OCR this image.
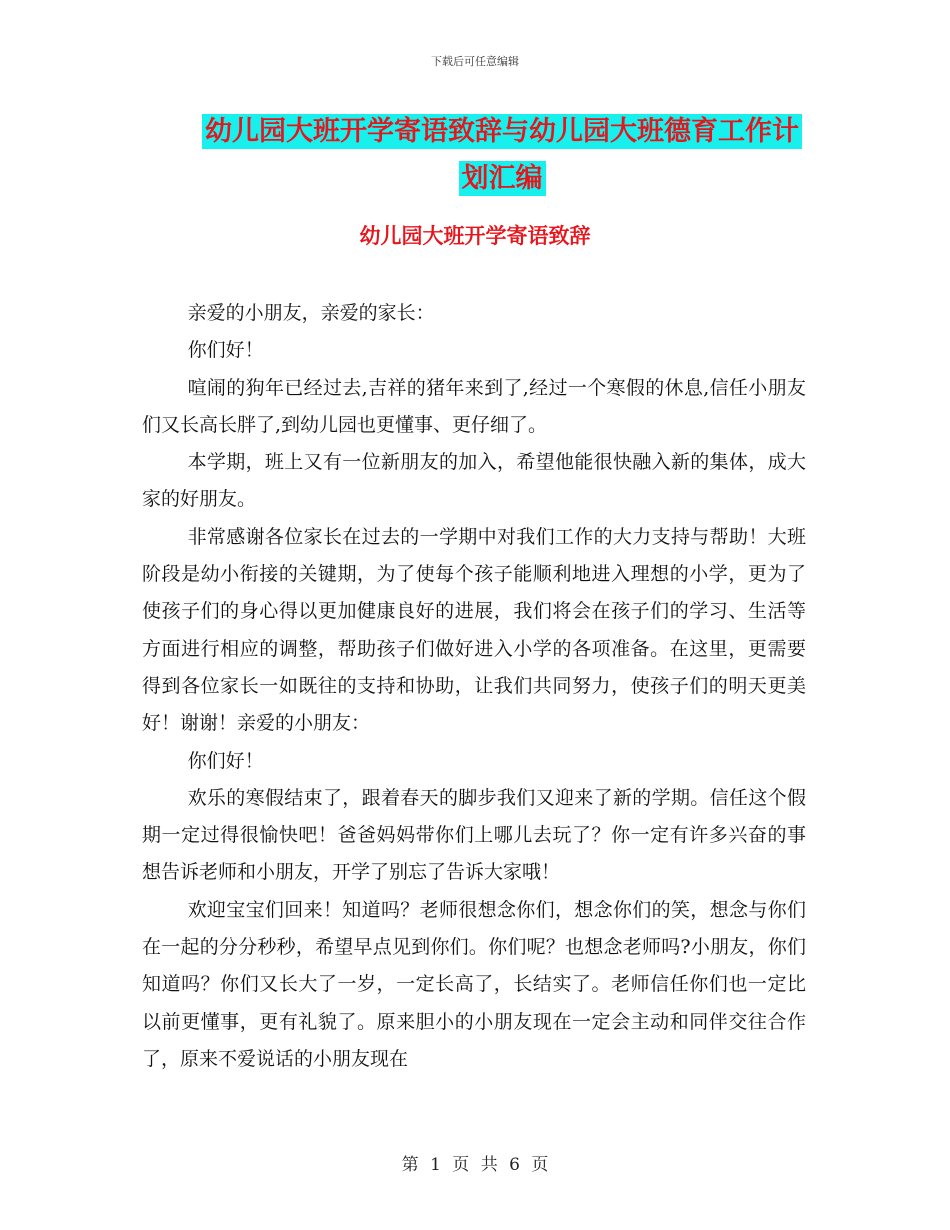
下载后可任意编辑
幼儿园大班开学寄语致辞与幼儿园大班德育工作计划汇编
幼儿园大班开学寄语致辞

亲爱的小朋友，亲爱的家长：

你们好！

喧闹的狗年已经过去,吉祥的猪年来到了,经过一个寒假的休息,信任小朋友们又长高长胖了,到幼儿园也更懂事、更仔细了。

本学期，班上又有一位新朋友的加入，希望他能很快融入新的集体，成大家的好朋友。

非常感谢各位家长在过去的一学期中对我们工作的大力支持与帮助！大班阶段是幼小衔接的关键期，为了使每个孩子能顺利地进入理想的小学，更为了使孩子们的身心得以更加健康良好的进展，我们将会在孩子们的学习、生活等方面进行相应的调整，帮助孩子们做好进入小学的各项准备。在这里，更需要得到各位家长一如既往的支持和协助，让我们共同努力，使孩子们的明天更美好！谢谢！亲爱的小朋友：

你们好！

欢乐的寒假结束了，跟着春天的脚步我们又迎来了新的学期。信任这个假期一定过得很愉快吧！爸爸妈妈带你们上哪儿去玩了？你一定有许多兴奋的事想告诉老师和小朋友，开学了别忘了告诉大家哦！

欢迎宝宝们回来！知道吗？老师很想念你们，想念你们的笑，想念与你们在一起的分分秒秒，希望早点见到你们。你们呢？也想念老师吗?小朋友，你们知道吗？你们又长大了一岁，一定长高了，长结实了。老师信任你们也一定比以前更懂事，更有礼貌了。原来胆小的小朋友现在一定会主动和同伴交往合作了，原来不爱说话的小朋友现在

第 1 页 共 6 页
